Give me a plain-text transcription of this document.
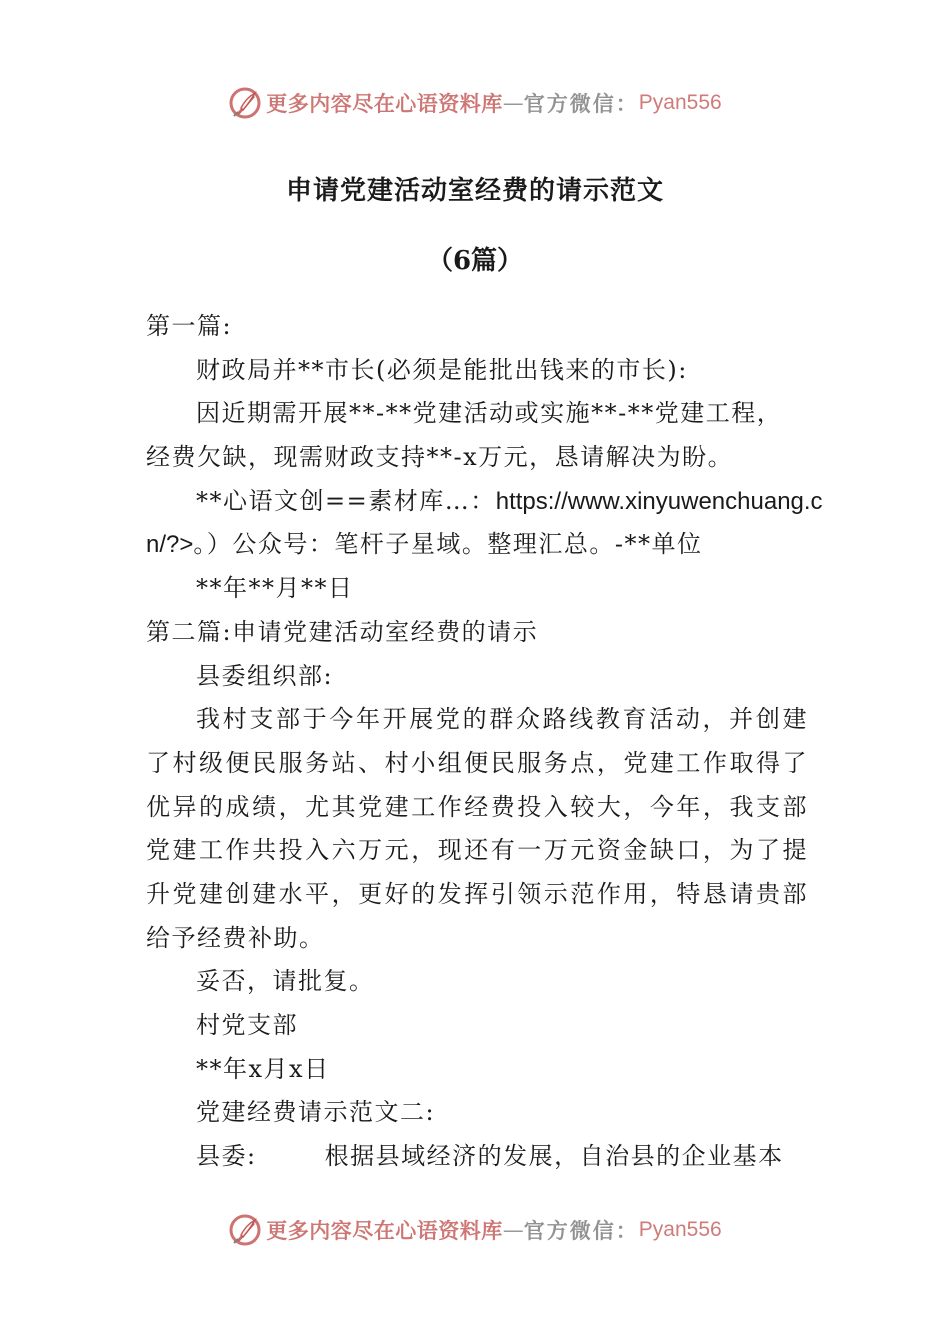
更多内容尽在心语资料库 — 官方微信： Pyan556
申请党建活动室经费的请示范文
（6篇）
第一篇:
财政局并**市长(必须是能批出钱来的市长):
因近期需开展**-**党建活动或实施**-**党建工程，
经费欠缺，现需财政支持**-x万元，恳请解决为盼。
**心语文创==素材库…：https://www.xinyuwenchuang.c
n/?>。）公众号：笔杆子星域。整理汇总。-**单位
**年**月**日
第二篇:申请党建活动室经费的请示
县委组织部:
我村支部于今年开展党的群众路线教育活动，并创建
了村级便民服务站、村小组便民服务点，党建工作取得了
优异的成绩，尤其党建工作经费投入较大，今年，我支部
党建工作共投入六万元，现还有一万元资金缺口，为了提
升党建创建水平，更好的发挥引领示范作用，特恳请贵部
给予经费补助。
妥否，请批复。
村党支部
**年x月x日
党建经费请示范文二:
县委:	根据县域经济的发展，自治县的企业基本
更多内容尽在心语资料库 — 官方微信： Pyan556
